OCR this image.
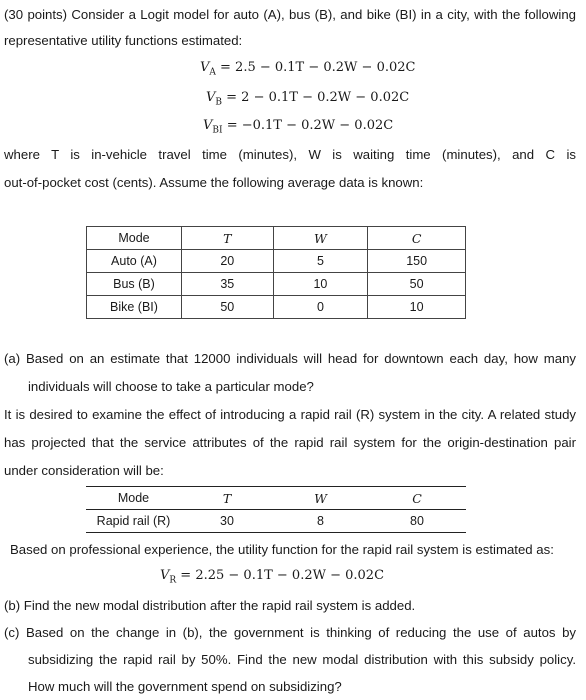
(30 points) Consider a Logit model for auto (A), bus (B), and bike (BI) in a city, with the following
representative utility functions estimated:
$V_A = 2.5 - 0.1T - 0.2W - 0.02C$
$V_B = 2 - 0.1T - 0.2W - 0.02C$
$V_{BI} = -0.1T - 0.2W - 0.02C$
where T is in-vehicle travel time (minutes), W is waiting time (minutes), and C is
out-of-pocket cost (cents). Assume the following average data is known:
Mode	T	W	C
Auto (A)	20	5	150
Bus (B)	35	10	50
Bike (BI)	50	0	10
(a) Based on an estimate that 12000 individuals will head for downtown each day, how many
individuals will choose to take a particular mode?
It is desired to examine the effect of introducing a rapid rail (R) system in the city. A related study
has projected that the service attributes of the rapid rail system for the origin-destination pair
under consideration will be:
Mode	T	W	C
Rapid rail (R)	30	8	80
Based on professional experience, the utility function for the rapid rail system is estimated as:
$V_R = 2.25 - 0.1T - 0.2W - 0.02C$
(b) Find the new modal distribution after the rapid rail system is added.
(c) Based on the change in (b), the government is thinking of reducing the use of autos by
subsidizing the rapid rail by 50%. Find the new modal distribution with this subsidy policy.
How much will the government spend on subsidizing?
